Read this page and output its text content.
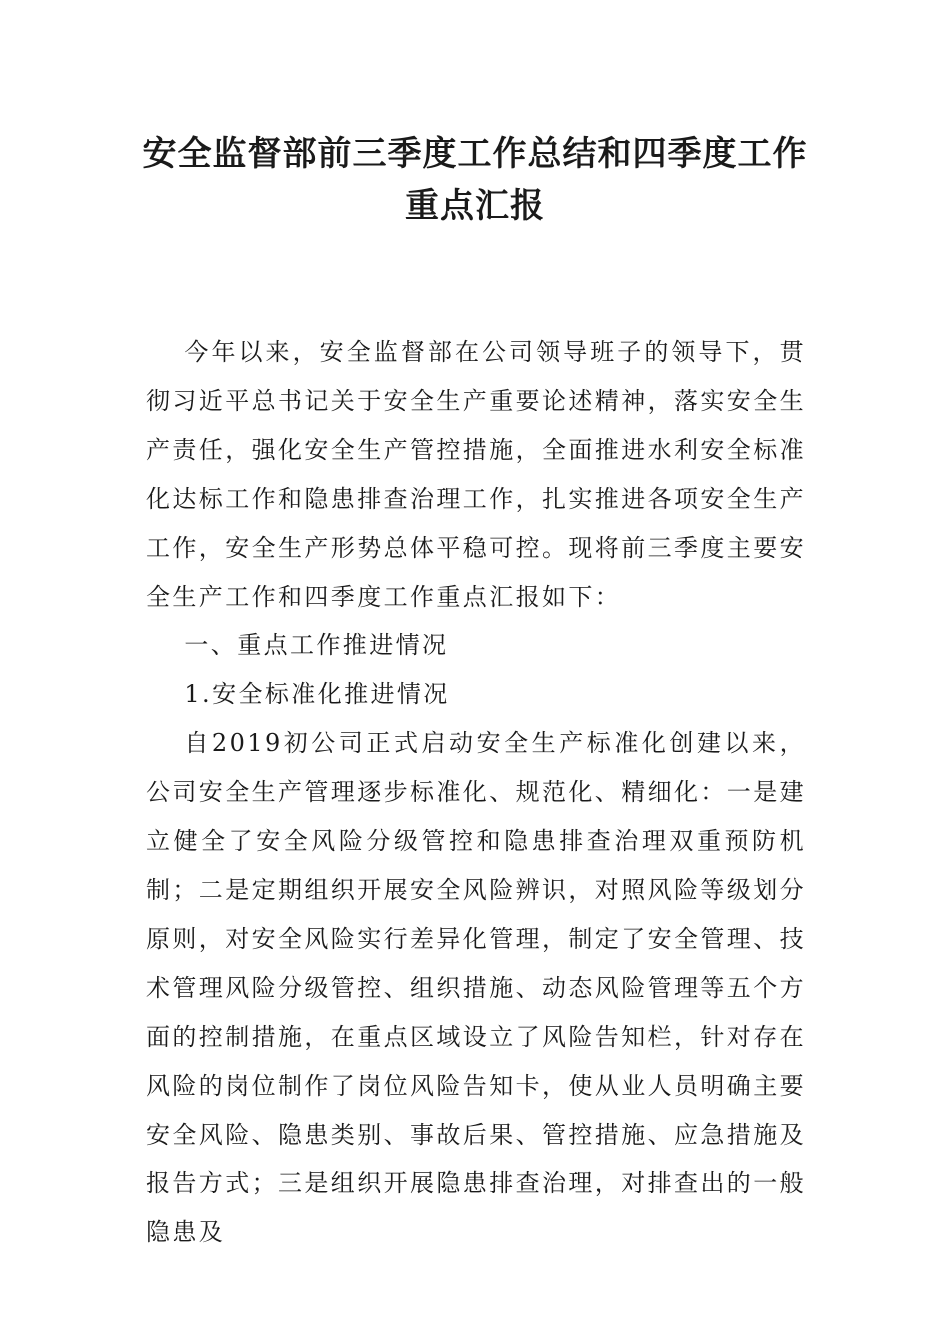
安全监督部前三季度工作总结和四季度工作重点汇报

今年以来，安全监督部在公司领导班子的领导下，贯彻习近平总书记关于安全生产重要论述精神，落实安全生产责任，强化安全生产管控措施，全面推进水利安全标准化达标工作和隐患排查治理工作，扎实推进各项安全生产工作，安全生产形势总体平稳可控。现将前三季度主要安全生产工作和四季度工作重点汇报如下：

一、重点工作推进情况

1.安全标准化推进情况

自2019初公司正式启动安全生产标准化创建以来，公司安全生产管理逐步标准化、规范化、精细化：一是建立健全了安全风险分级管控和隐患排查治理双重预防机制；二是定期组织开展安全风险辨识，对照风险等级划分原则，对安全风险实行差异化管理，制定了安全管理、技术管理风险分级管控、组织措施、动态风险管理等五个方面的控制措施，在重点区域设立了风险告知栏，针对存在风险的岗位制作了岗位风险告知卡，使从业人员明确主要安全风险、隐患类别、事故后果、管控措施、应急措施及报告方式；三是组织开展隐患排查治理，对排查出的一般隐患及
